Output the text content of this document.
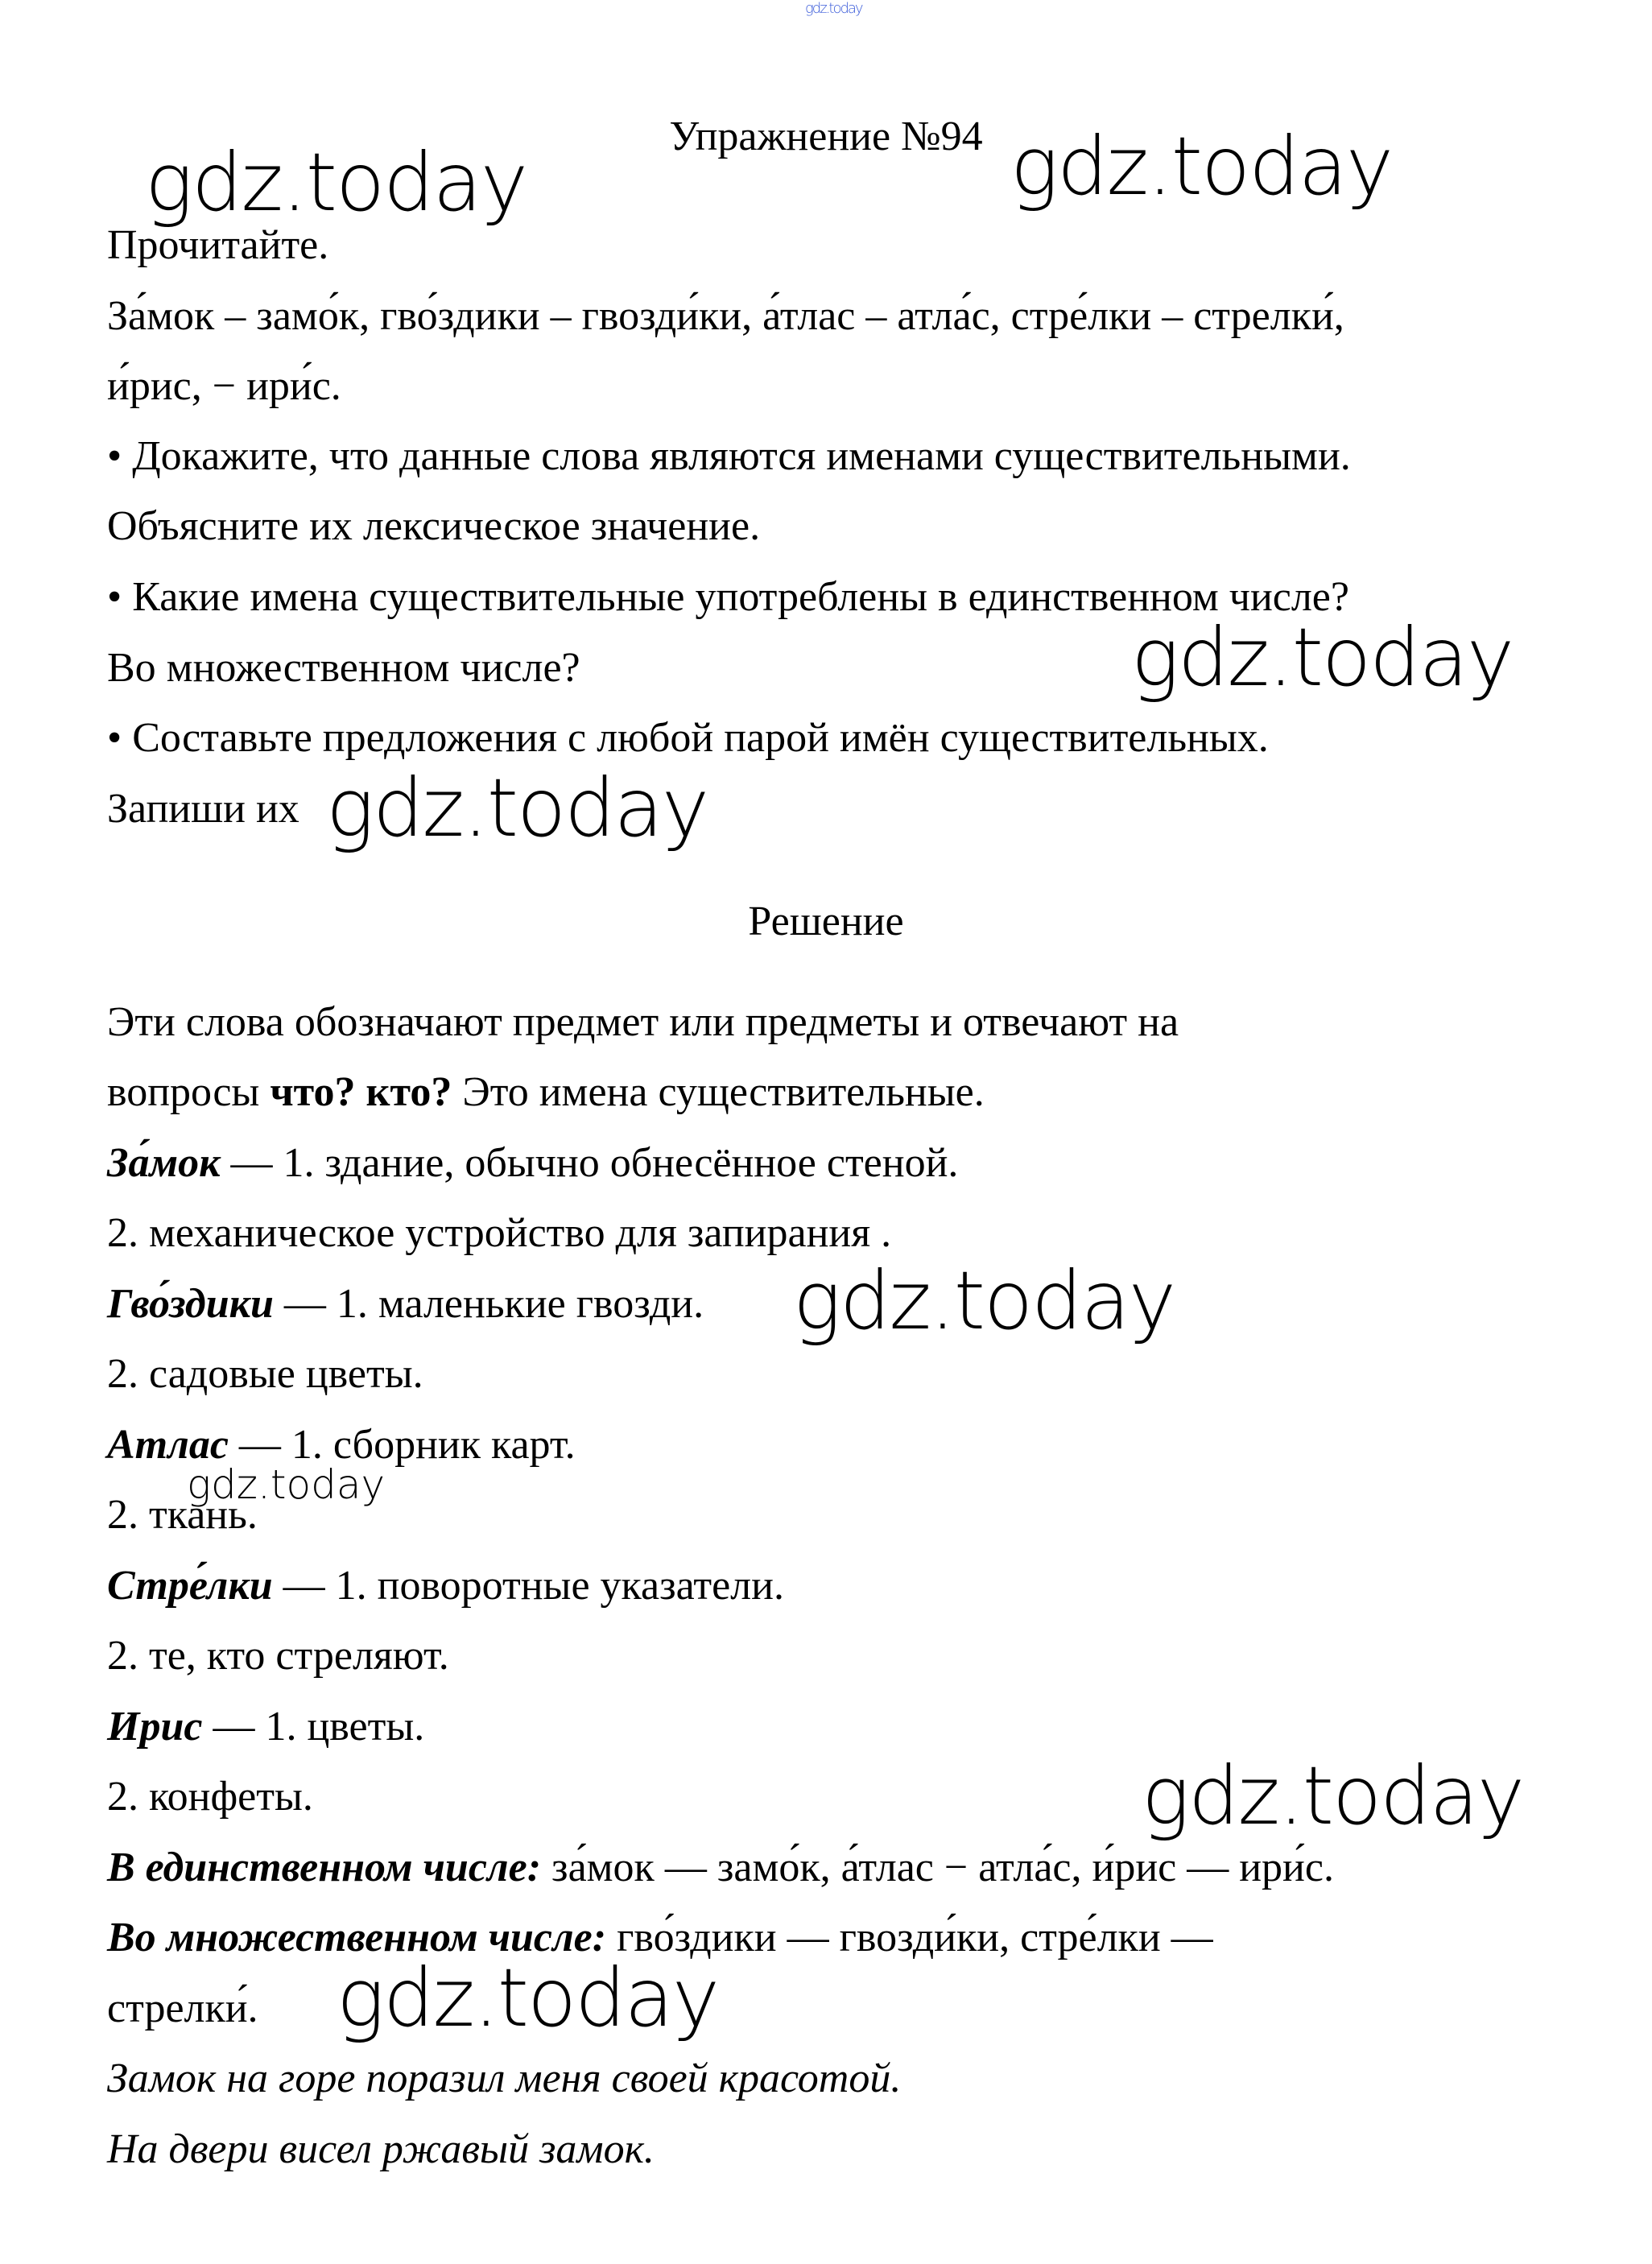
gdz.today
Упражнение №94
Прочитайте.
За́мок – замо́к, гво́здики – гвозди́ки, а́тлас – атла́с, стре́лки – стрелки́,
и́рис, − ири́с.
• Докажите, что данные слова являются именами существительными.
Объясните их лексическое значение.
• Какие имена существительные употреблены в единственном числе?
Во множественном числе?
• Составьте предложения с любой парой имён существительных.
Запиши их
Решение
Эти слова обозначают предмет или предметы и отвечают на
вопросы что? кто? Это имена существительные.
За́мок — 1. здание, обычно обнесённое стеной.
2. механическое устройство для запирания .
Гво́здики — 1. маленькие гвозди.
2. садовые цветы.
Атлас — 1. сборник карт.
2. ткань.
Стре́лки — 1. поворотные указатели.
2. те, кто стреляют.
Ирис — 1. цветы.
2. конфеты.
В единственном числе: за́мок — замо́к, а́тлас − атла́с, и́рис — ири́с.
Во множественном числе: гво́здики — гвозди́ки, стре́лки —
стрелки́.
Замок на горе поразил меня своей красотой.
На двери висел ржавый замок.
gdz.today	gdz.today
gdz.today
gdz.today
gdz.today
gdz.today
gdz.today
gdz.today
